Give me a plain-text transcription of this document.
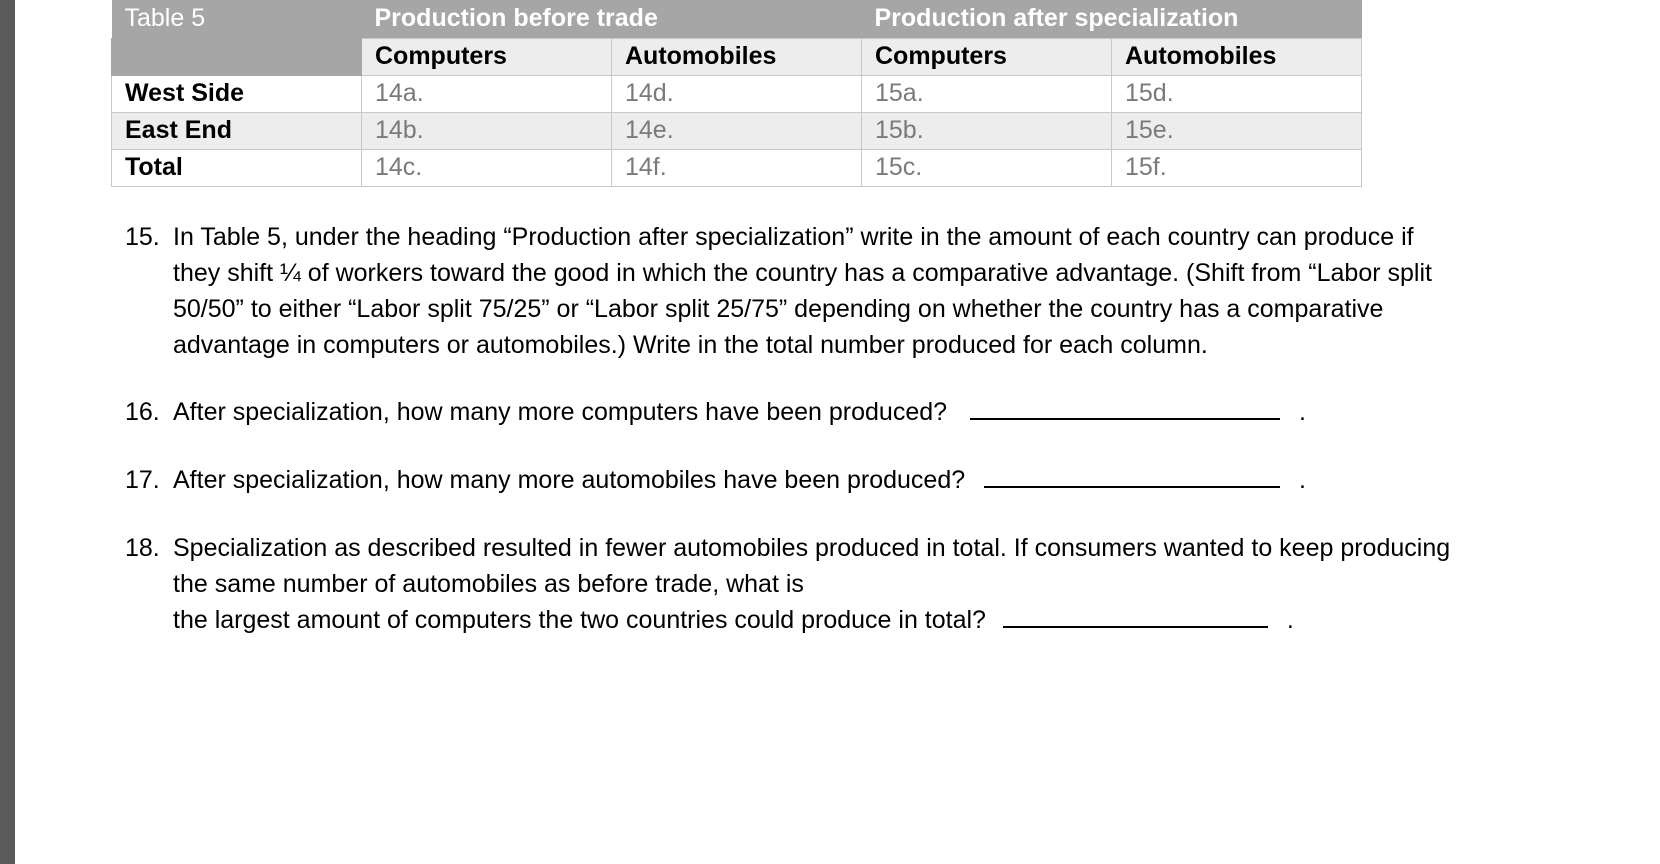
Table 5	Production before trade		Production after specialization	
	Computers	Automobiles	Computers	Automobiles
West Side	14a.	14d.	15a.	15d.
East End	14b.	14e.	15b.	15e.
Total	14c.	14f.	15c.	15f.
15. In Table 5, under the heading “Production after specialization” write in the amount of each country can produce if
they shift ¼ of workers toward the good in which the country has a comparative advantage. (Shift from “Labor split
50/50” to either “Labor split 75/25” or “Labor split 25/75” depending on whether the country has a comparative
advantage in computers or automobiles.) Write in the total number produced for each column.
16. After specialization, how many more computers have been produced?	.
17. After specialization, how many more automobiles have been produced?	.
18. Specialization as described resulted in fewer automobiles produced in total. If consumers wanted to keep producing
the same number of automobiles as before trade, what is
the largest amount of computers the two countries could produce in total?	.
